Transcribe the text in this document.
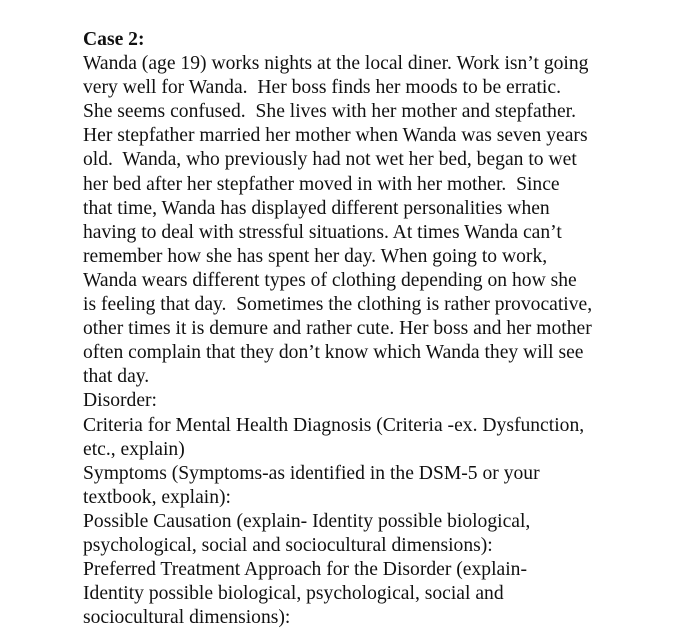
Case 2:
Wanda (age 19) works nights at the local diner. Work isn’t going
very well for Wanda.  Her boss finds her moods to be erratic.
She seems confused.  She lives with her mother and stepfather.
Her stepfather married her mother when Wanda was seven years
old.  Wanda, who previously had not wet her bed, began to wet
her bed after her stepfather moved in with her mother.  Since
that time, Wanda has displayed different personalities when
having to deal with stressful situations. At times Wanda can’t
remember how she has spent her day. When going to work,
Wanda wears different types of clothing depending on how she
is feeling that day.  Sometimes the clothing is rather provocative,
other times it is demure and rather cute. Her boss and her mother
often complain that they don’t know which Wanda they will see
that day.
Disorder:
Criteria for Mental Health Diagnosis (Criteria -ex. Dysfunction,
etc., explain)
Symptoms (Symptoms-as identified in the DSM-5 or your
textbook, explain):
Possible Causation (explain- Identity possible biological,
psychological, social and sociocultural dimensions):
Preferred Treatment Approach for the Disorder (explain-
Identity possible biological, psychological, social and
sociocultural dimensions):
